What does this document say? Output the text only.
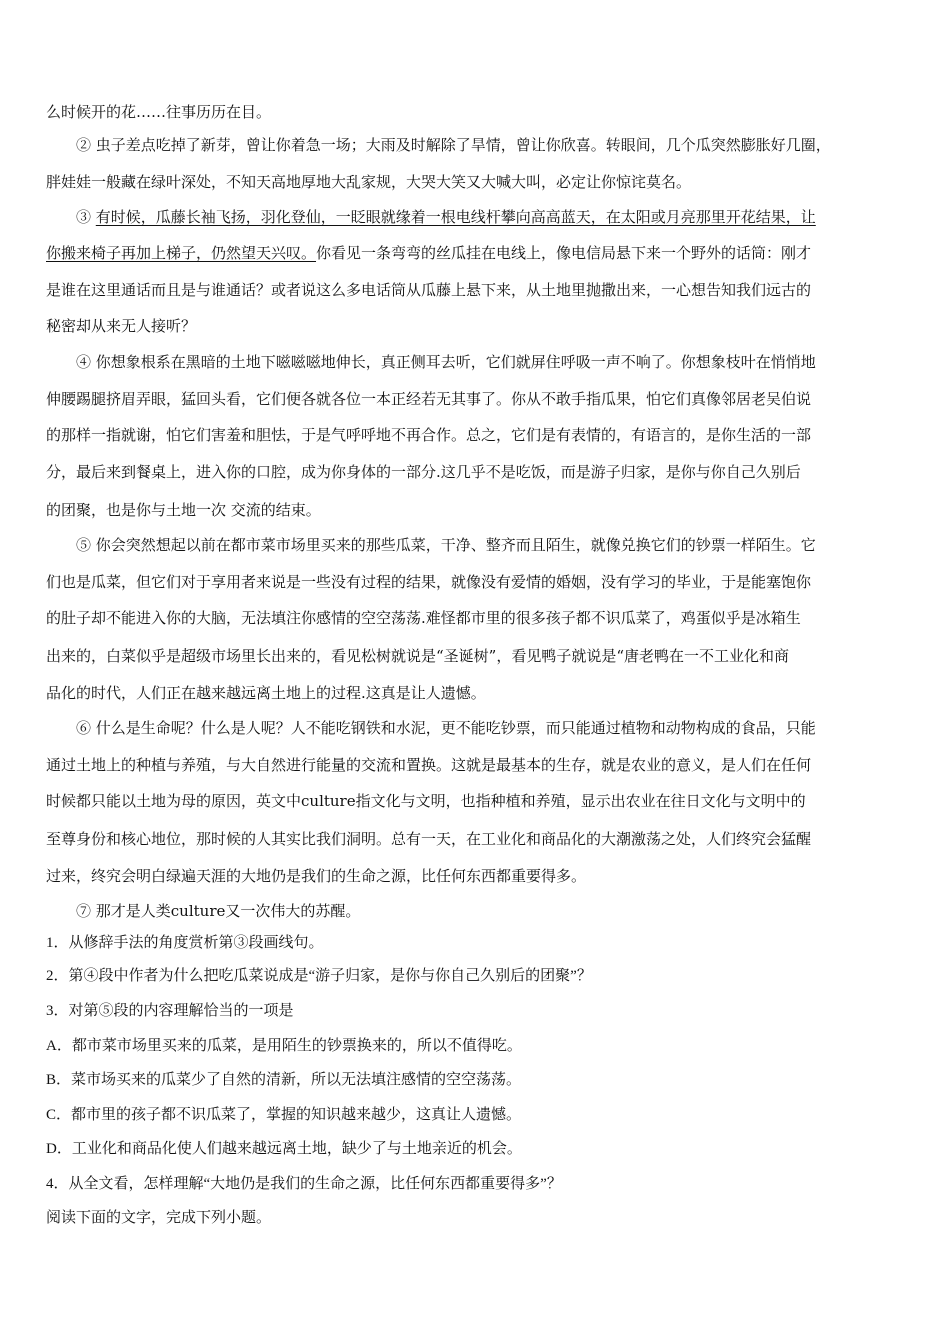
么时候开的花……往事历历在目。
② 虫子差点吃掉了新芽，曾让你着急一场；大雨及时解除了旱情，曾让你欣喜。转眼间，几个瓜突然膨胀好几圈，
胖娃娃一般藏在绿叶深处，不知天高地厚地大乱家规，大哭大笑又大喊大叫，必定让你惊诧莫名。
③ 有时候，瓜藤长袖飞扬，羽化登仙，一眨眼就缘着一根电线杆攀向高高蓝天，在太阳或月亮那里开花结果，让
你搬来椅子再加上梯子，仍然望天兴叹。你看见一条弯弯的丝瓜挂在电线上，像电信局悬下来一个野外的话筒：刚才
是谁在这里通话而且是与谁通话？或者说这么多电话筒从瓜藤上悬下来，从土地里抛撒出来，一心想告知我们远古的
秘密却从来无人接听？
④ 你想象根系在黑暗的土地下嗞嗞嗞地伸长，真正侧耳去听，它们就屏住呼吸一声不响了。你想象枝叶在悄悄地
伸腰踢腿挤眉弄眼，猛回头看，它们便各就各位一本正经若无其事了。你从不敢手指瓜果，怕它们真像邻居老吴伯说
的那样一指就谢，怕它们害羞和胆怯，于是气呼呼地不再合作。总之，它们是有表情的，有语言的，是你生活的一部
分，最后来到餐桌上，进入你的口腔，成为你身体的一部分.这几乎不是吃饭，而是游子归家，是你与你自己久别后
的团聚，也是你与土地一次 交流的结束。
⑤ 你会突然想起以前在都市菜市场里买来的那些瓜菜，干净、整齐而且陌生，就像兑换它们的钞票一样陌生。它
们也是瓜菜，但它们对于享用者来说是一些没有过程的结果，就像没有爱情的婚姻，没有学习的毕业，于是能塞饱你
的肚子却不能进入你的大脑，无法填注你感情的空空荡荡.难怪都市里的很多孩子都不识瓜菜了，鸡蛋似乎是冰箱生
出来的，白菜似乎是超级市场里长出来的，看见松树就说是“圣诞树”，看见鸭子就说是“唐老鸭在一不工业化和商
品化的时代，人们正在越来越远离土地上的过程.这真是让人遗憾。
⑥ 什么是生命呢？什么是人呢？人不能吃钢铁和水泥，更不能吃钞票，而只能通过植物和动物构成的食品，只能
通过土地上的种植与养殖，与大自然进行能量的交流和置换。这就是最基本的生存，就是农业的意义，是人们在任何
时候都只能以土地为母的原因，英文中culture指文化与文明，也指种植和养殖，显示出农业在往日文化与文明中的
至尊身份和核心地位，那时候的人其实比我们洞明。总有一天，在工业化和商品化的大潮激荡之处，人们终究会猛醒
过来，终究会明白绿遍天涯的大地仍是我们的生命之源，比任何东西都重要得多。
⑦ 那才是人类culture又一次伟大的苏醒。
1．从修辞手法的角度赏析第③段画线句。
2．第④段中作者为什么把吃瓜菜说成是“游子归家，是你与你自己久别后的团聚”？
3．对第⑤段的内容理解恰当的一项是
A．都市菜市场里买来的瓜菜，是用陌生的钞票换来的，所以不值得吃。
B．菜市场买来的瓜菜少了自然的清新，所以无法填注感情的空空荡荡。
C．都市里的孩子都不识瓜菜了，掌握的知识越来越少，这真让人遗憾。
D．工业化和商品化使人们越来越远离土地，缺少了与土地亲近的机会。
4．从全文看，怎样理解“大地仍是我们的生命之源，比任何东西都重要得多”？
阅读下面的文字，完成下列小题。
